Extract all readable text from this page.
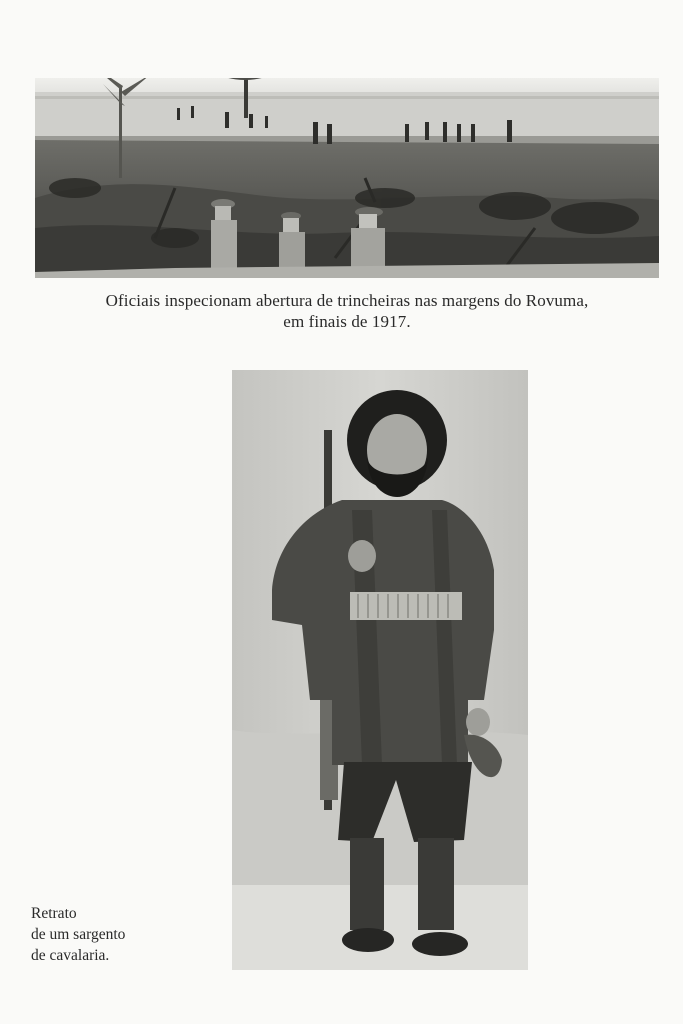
Oficiais inspecionam abertura de trincheiras nas margens do Rovuma,
em finais de 1917.
Retrato
de um sargento
de cavalaria.
